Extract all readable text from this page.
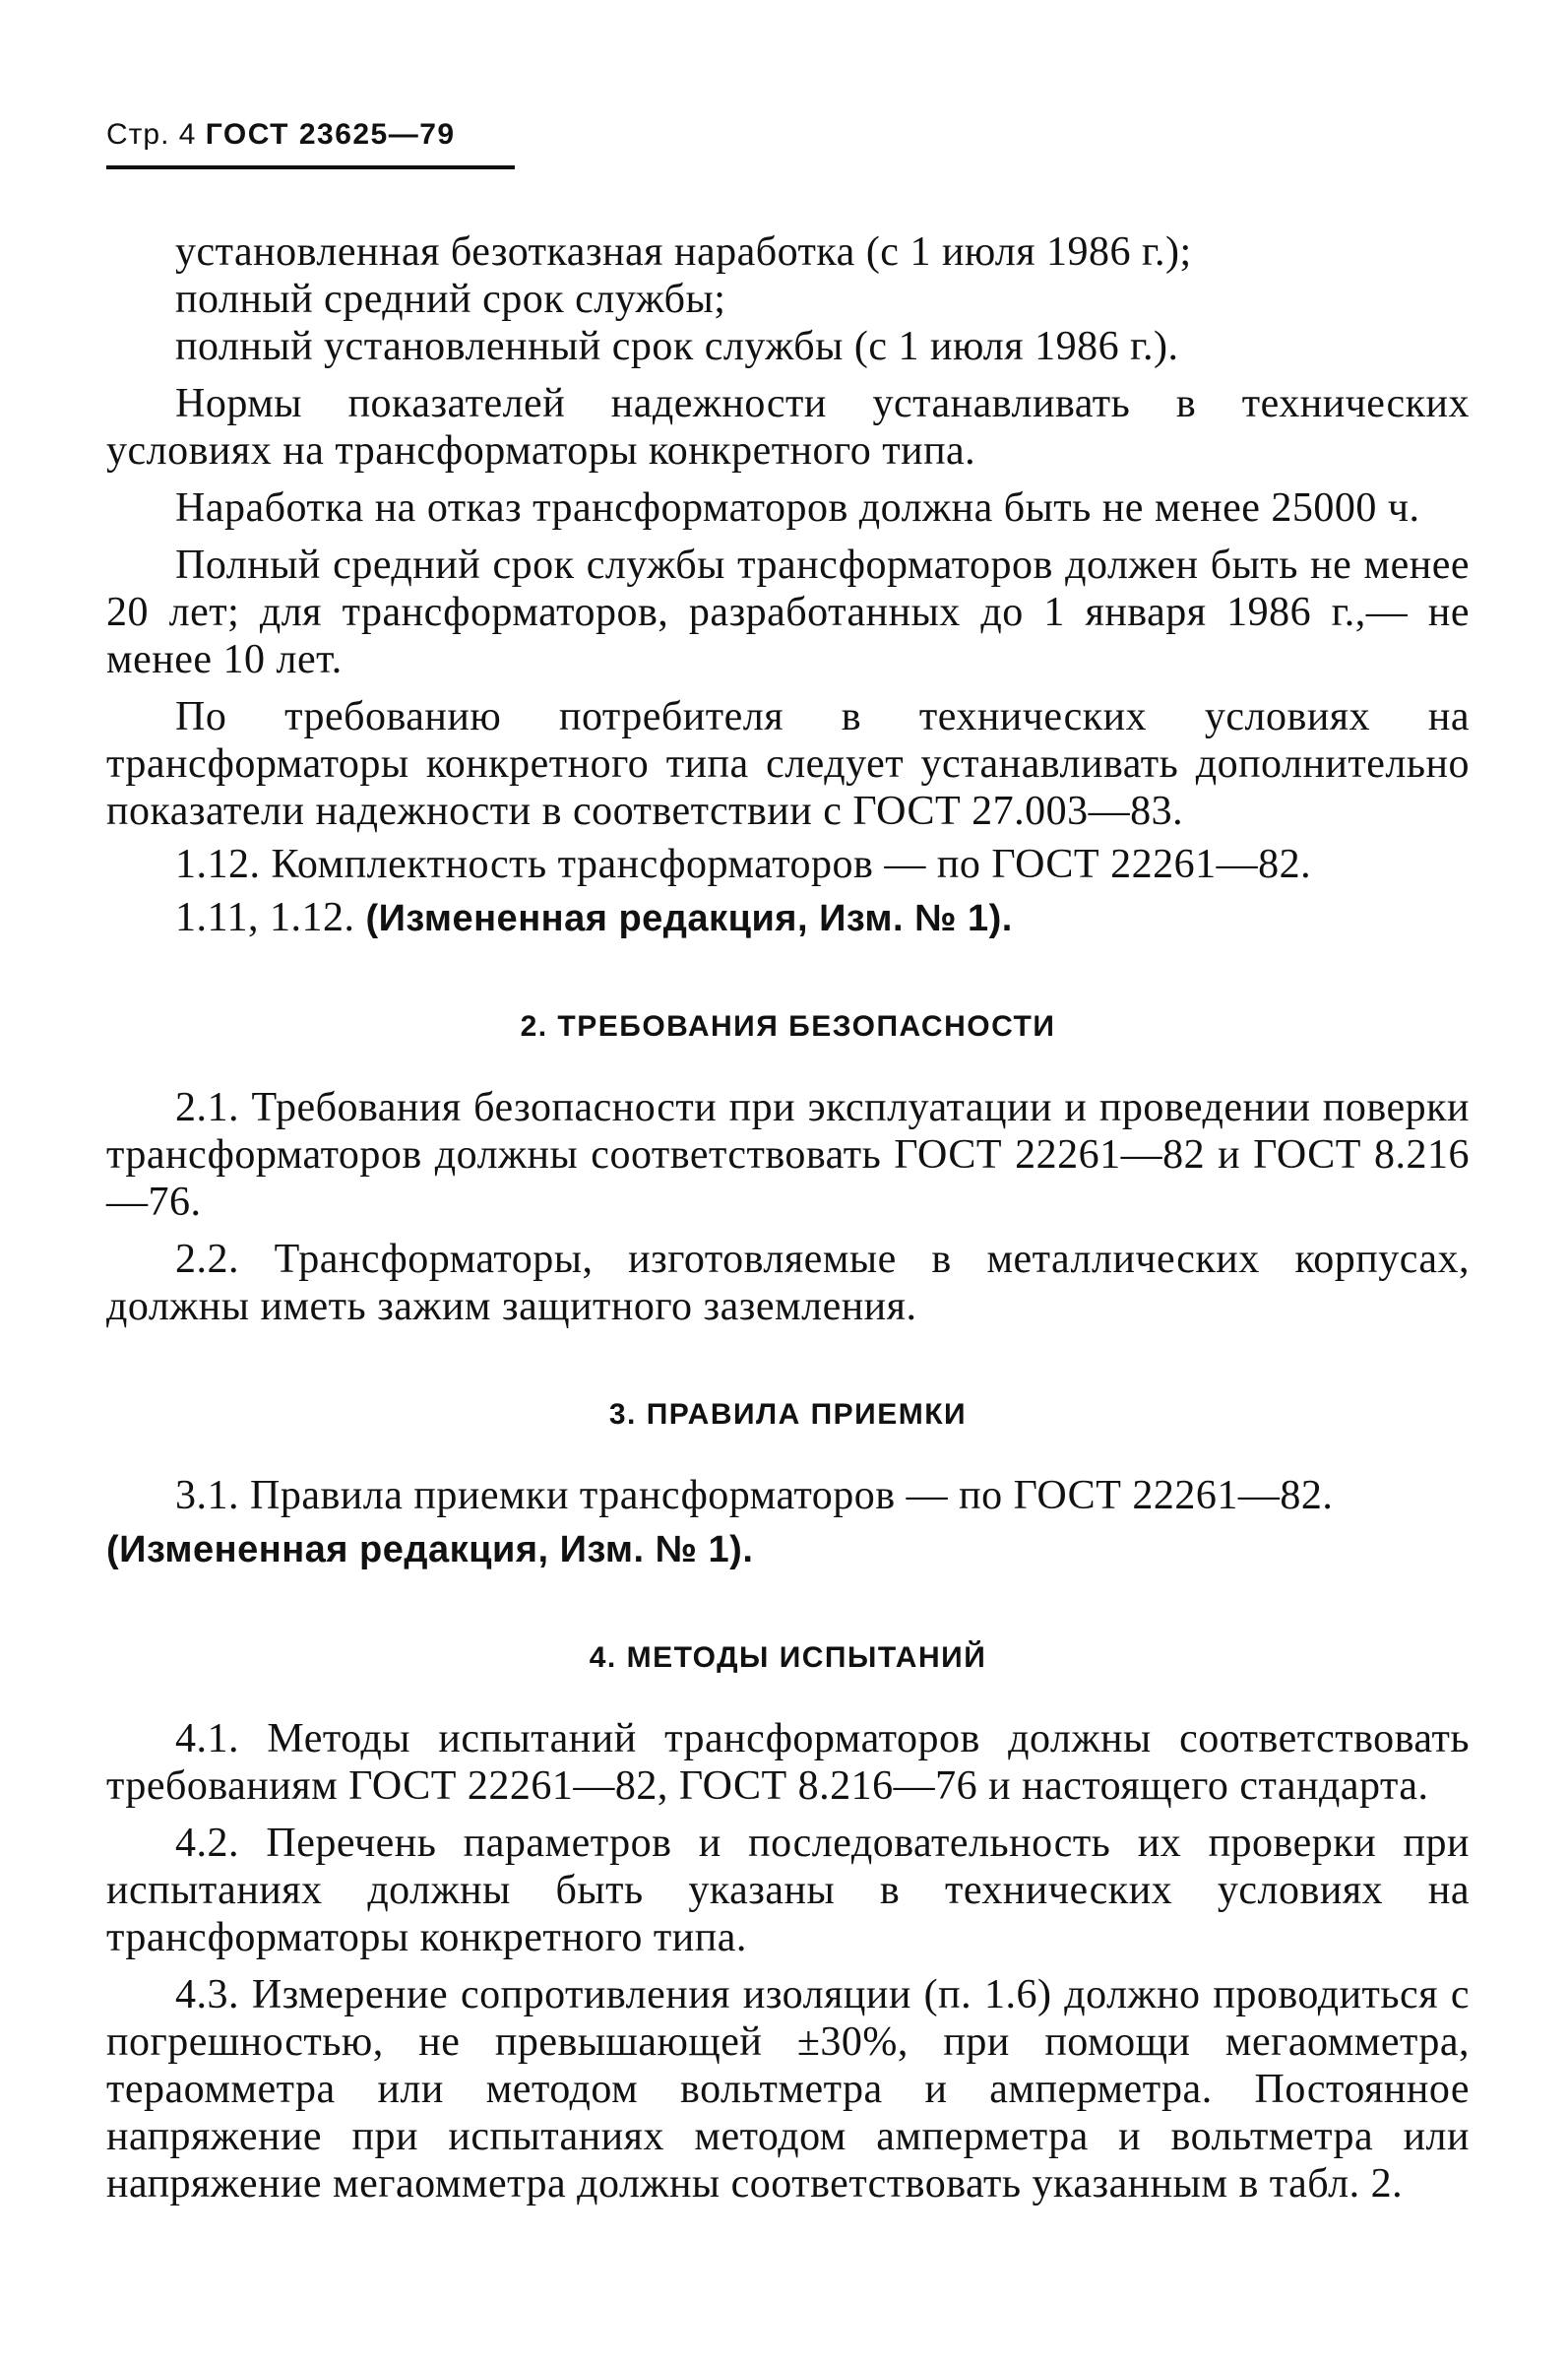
Стр. 4 ГОСТ 23625—79

установленная безотказная наработка (с 1 июля 1986 г.);

полный средний срок службы;

полный установленный срок службы (с 1 июля 1986 г.).

Нормы показателей надежности устанавливать в технических условиях на трансформаторы конкретного типа.

Наработка на отказ трансформаторов должна быть не менее 25000 ч.

Полный средний срок службы трансформаторов должен быть не менее 20 лет; для трансформаторов, разработанных до 1 января 1986 г.,— не менее 10 лет.

По требованию потребителя в технических условиях на трансформаторы конкретного типа следует устанавливать дополнительно показатели надежности в соответствии с ГОСТ 27.003—83.

1.12. Комплектность трансформаторов — по ГОСТ 22261—82.

1.11, 1.12. (Измененная редакция, Изм. № 1).

2. ТРЕБОВАНИЯ БЕЗОПАСНОСТИ

2.1. Требования безопасности при эксплуатации и проведении поверки трансформаторов должны соответствовать ГОСТ 22261—82 и ГОСТ 8.216—76.

2.2. Трансформаторы, изготовляемые в металлических корпусах, должны иметь зажим защитного заземления.

3. ПРАВИЛА ПРИЕМКИ

3.1. Правила приемки трансформаторов — по ГОСТ 22261—82.

(Измененная редакция, Изм. № 1).

4. МЕТОДЫ ИСПЫТАНИЙ

4.1. Методы испытаний трансформаторов должны соответствовать требованиям ГОСТ 22261—82, ГОСТ 8.216—76 и настоящего стандарта.

4.2. Перечень параметров и последовательность их проверки при испытаниях должны быть указаны в технических условиях на трансформаторы конкретного типа.

4.3. Измерение сопротивления изоляции (п. 1.6) должно проводиться с погрешностью, не превышающей ±30%, при помощи мегаомметра, тераомметра или методом вольтметра и амперметра. Постоянное напряжение при испытаниях методом амперметра и вольтметра или напряжение мегаомметра должны соответствовать указанным в табл. 2.
